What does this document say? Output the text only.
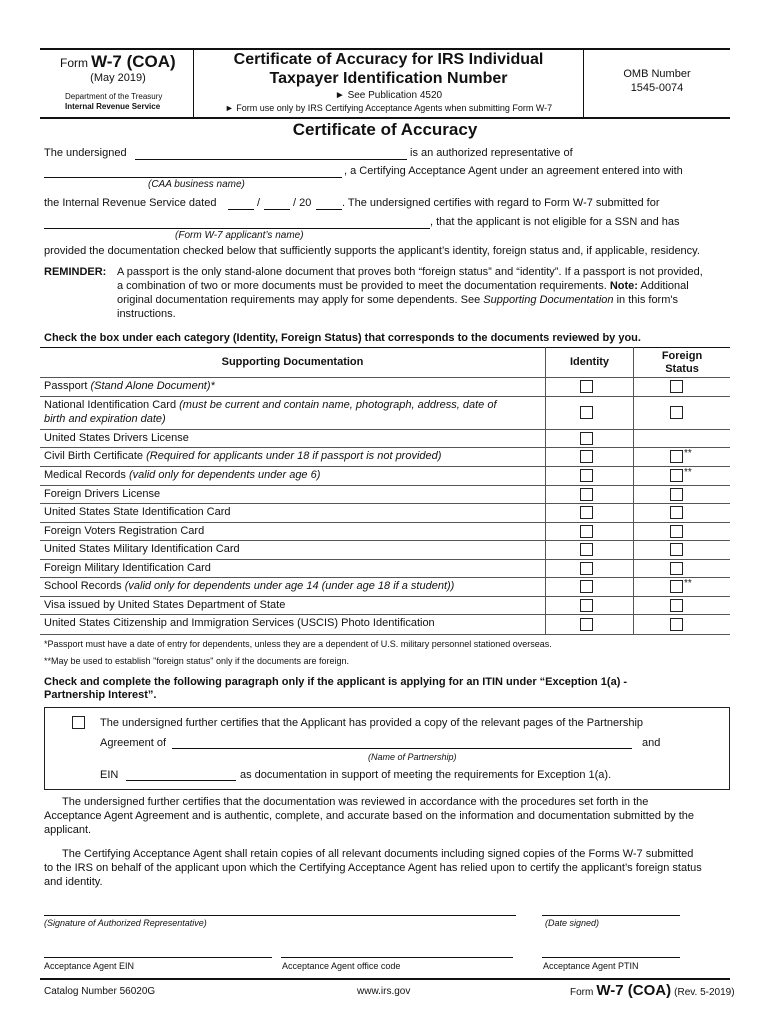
Form W-7 (COA)
(May 2019)
Department of the Treasury
Internal Revenue Service
Certificate of Accuracy for IRS Individual
Taxpayer Identification Number
► See Publication 4520
► Form use only by IRS Certifying Acceptance Agents when submitting Form W-7
OMB Number
1545-0074
Certificate of Accuracy
The undersigned	is an authorized representative of
, a Certifying Acceptance Agent under an agreement entered into with
(CAA business name)
the Internal Revenue Service dated	/	/ 20	. The undersigned certifies with regard to Form W-7 submitted for
, that the applicant is not eligible for a SSN and has
(Form W-7 applicant’s name)
provided the documentation checked below that sufficiently supports the applicant’s identity, foreign status and, if applicable, residency.
REMINDER: A passport is the only stand-alone document that proves both “foreign status” and “identity”. If a passport is not provided,
a combination of two or more documents must be provided to meet the documentation requirements. Note: Additional
original documentation requirements may apply for some dependents. See Supporting Documentation in this form's
instructions.
Check the box under each category (Identity, Foreign Status) that corresponds to the documents reviewed by you.
Supporting Documentation	Identity	Foreign
Status
Passport (Stand Alone Document)*
National Identification Card (must be current and contain name, photograph, address, date of
birth and expiration date)
United States Drivers License
Civil Birth Certificate (Required for applicants under 18 if passport is not provided)	**
Medical Records (valid only for dependents under age 6)	**
Foreign Drivers License
United States State Identification Card
Foreign Voters Registration Card
United States Military Identification Card
Foreign Military Identification Card
School Records (valid only for dependents under age 14 (under age 18 if a student))	**
Visa issued by United States Department of State
United States Citizenship and Immigration Services (USCIS) Photo Identification
*Passport must have a date of entry for dependents, unless they are a dependent of U.S. military personnel stationed overseas.
**May be used to establish "foreign status" only if the documents are foreign.
Check and complete the following paragraph only if the applicant is applying for an ITIN under “Exception 1(a) -
Partnership Interest”.
The undersigned further certifies that the Applicant has provided a copy of the relevant pages of the Partnership
Agreement of	and
(Name of Partnership)
EIN	as documentation in support of meeting the requirements for Exception 1(a).
The undersigned further certifies that the documentation was reviewed in accordance with the procedures set forth in the
Acceptance Agent Agreement and is authentic, complete, and accurate based on the information and documentation submitted by the
applicant.
The Certifying Acceptance Agent shall retain copies of all relevant documents including signed copies of the Forms W-7 submitted
to the IRS on behalf of the applicant upon which the Certifying Acceptance Agent has relied upon to certify the applicant’s foreign status
and identity.
(Signature of Authorized Representative)	(Date signed)
Acceptance Agent EIN	Acceptance Agent office code	Acceptance Agent PTIN
Catalog Number 56020G	www.irs.gov	Form W-7 (COA) (Rev. 5-2019)
